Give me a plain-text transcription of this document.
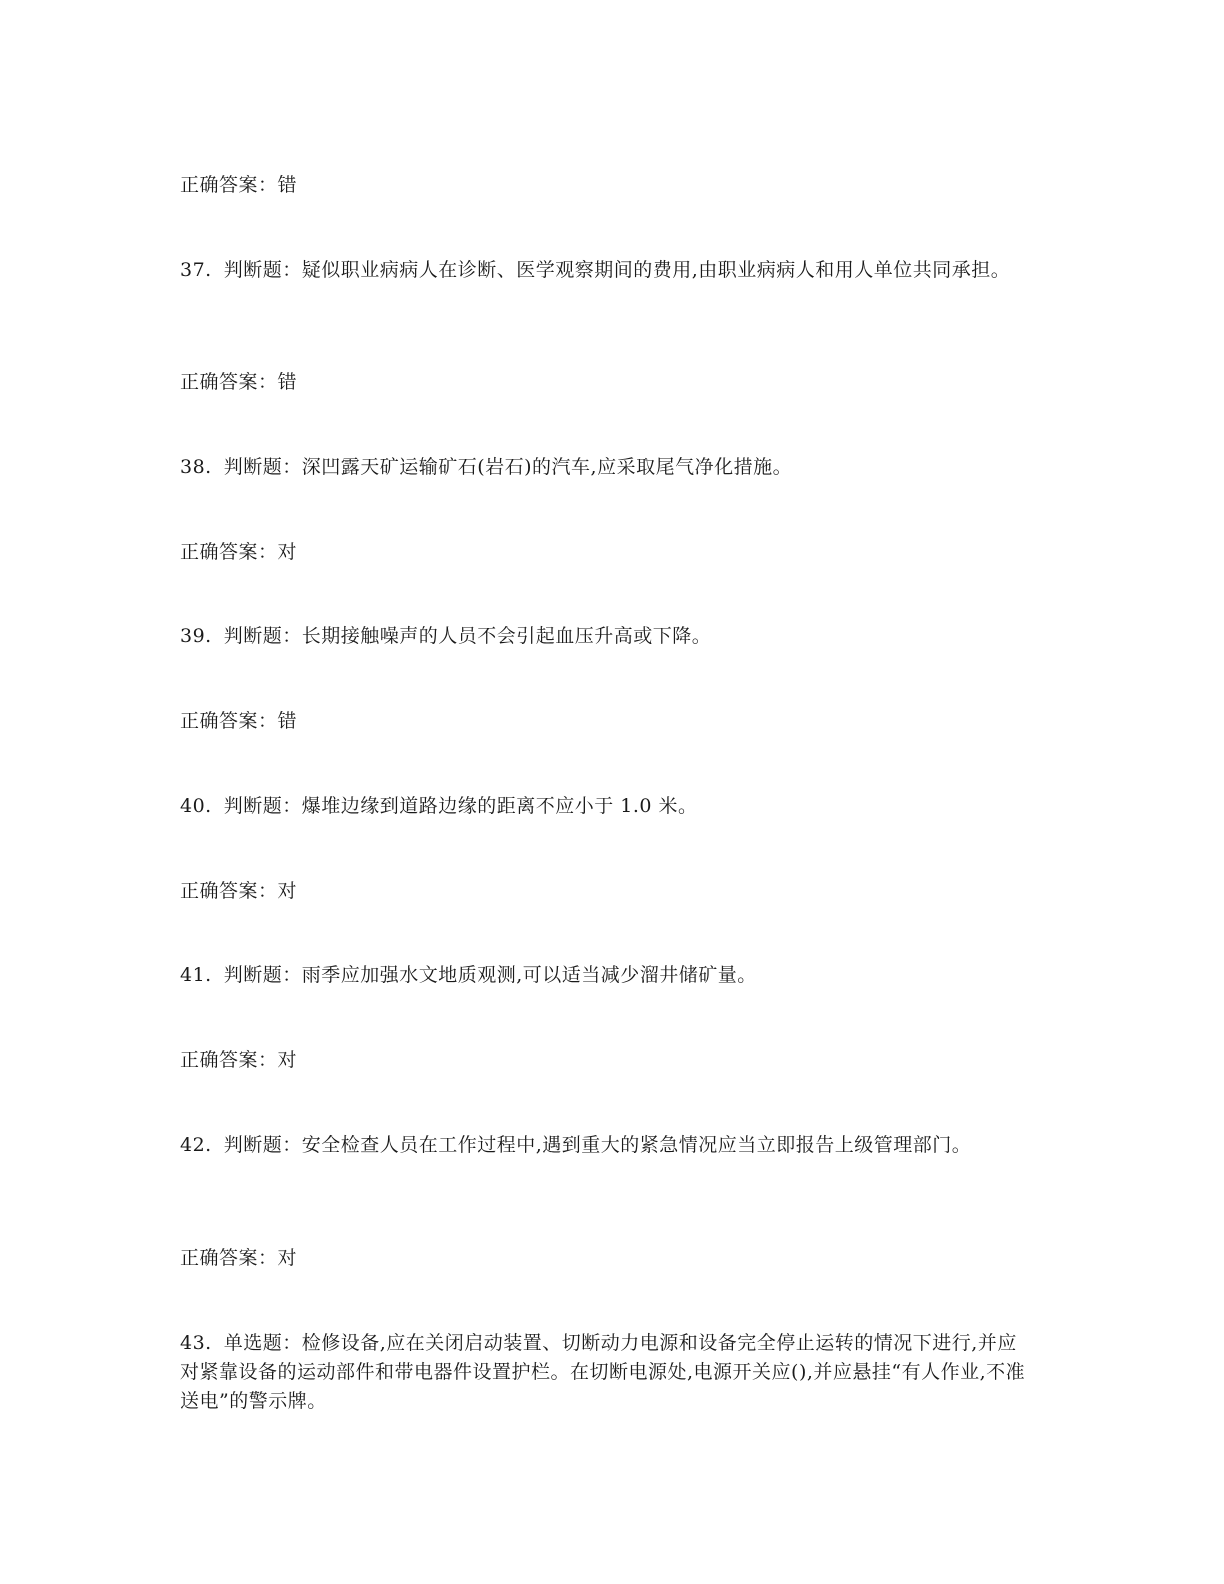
正确答案：错
37. 判断题：疑似职业病病人在诊断、医学观察期间的费用,由职业病病人和用人单位共同承担。
正确答案：错
38. 判断题：深凹露天矿运输矿石(岩石)的汽车,应采取尾气净化措施。
正确答案：对
39. 判断题：长期接触噪声的人员不会引起血压升高或下降。
正确答案：错
40. 判断题：爆堆边缘到道路边缘的距离不应小于 1.0 米。
正确答案：对
41. 判断题：雨季应加强水文地质观测,可以适当减少溜井储矿量。
正确答案：对
42. 判断题：安全检查人员在工作过程中,遇到重大的紧急情况应当立即报告上级管理部门。
正确答案：对
43. 单选题：检修设备,应在关闭启动装置、切断动力电源和设备完全停止运转的情况下进行,并应对紧靠设备的运动部件和带电器件设置护栏。在切断电源处,电源开关应(),并应悬挂“有人作业,不准送电”的警示牌。
